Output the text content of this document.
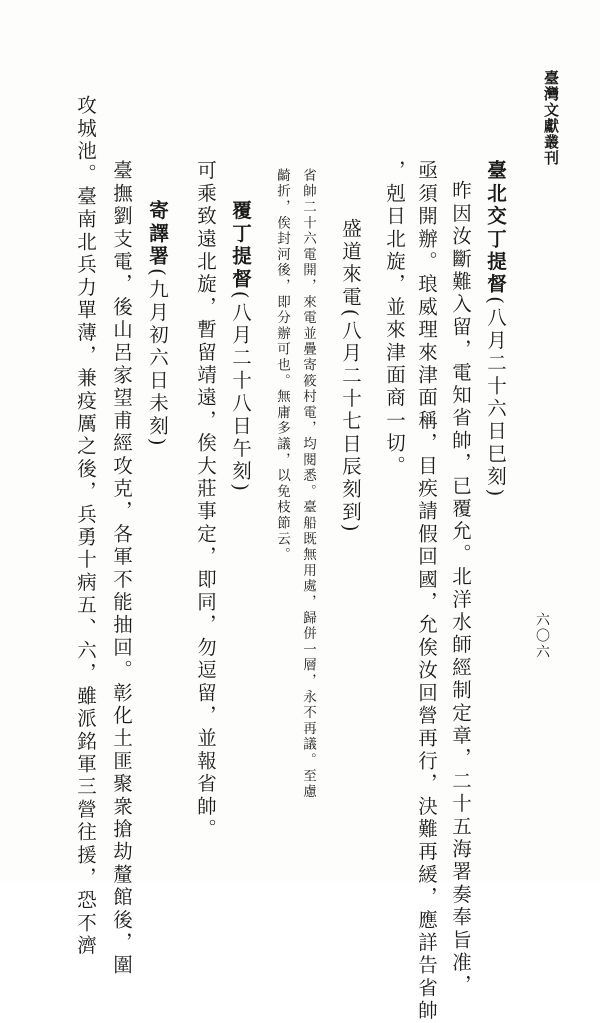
臺灣文獻叢刊
六〇六
臺北交丁提督(八月二十六日巳刻)
昨因汝斷難入留，電知省帥，已覆允。北洋水師經制定章，二十五海署奏奉旨准，
亟須開辦。琅威理來津面稱，目疾請假回國，允俟汝回營再行，決難再緩，應詳告省帥
，剋日北旋，並來津面商一切。
盛道來電(八月二十七日辰刻到)
省帥二十六電開，來電並疊寄筱村電，均閱悉。臺船既無用處，歸併一層，永不再議。至慮
齮折，俟封河後，即分辦可也。無庸多議，以免枝節云。
覆丁提督(八月二十八日午刻)
可乘致遠北旋，暫留靖遠，俟大莊事定，即同，勿逗留，並報省帥。
寄譯署(九月初六日未刻)
臺撫劉支電，後山呂家望甫經攻克，各軍不能抽回。彰化土匪聚衆搶劫釐館後，圍
攻城池。臺南北兵力單薄，兼疫厲之後，兵勇十病五、六，雖派銘軍三營往援，恐不濟
